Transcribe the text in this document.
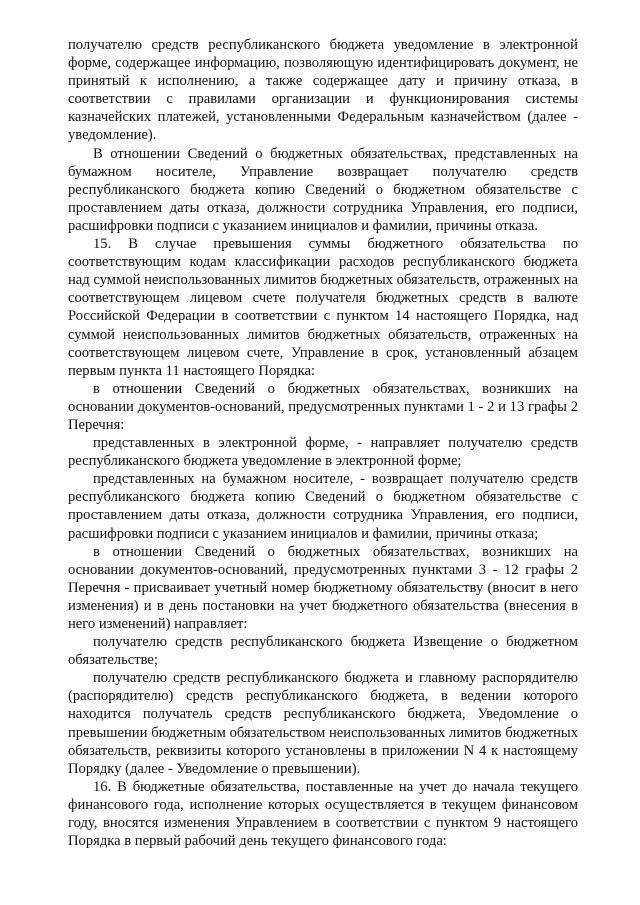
получателю средств республиканского бюджета уведомление в электронной форме, содержащее информацию, позволяющую идентифицировать документ, не принятый к исполнению, а также содержащее дату и причину отказа, в соответствии с правилами организации и функционирования системы казначейских платежей, установленными Федеральным казначейством (далее - уведомление).

В отношении Сведений о бюджетных обязательствах, представленных на бумажном носителе, Управление возвращает получателю средств республиканского бюджета копию Сведений о бюджетном обязательстве с проставлением даты отказа, должности сотрудника Управления, его подписи, расшифровки подписи с указанием инициалов и фамилии, причины отказа.

15. В случае превышения суммы бюджетного обязательства по соответствующим кодам классификации расходов республиканского бюджета над суммой неиспользованных лимитов бюджетных обязательств, отраженных на соответствующем лицевом счете получателя бюджетных средств в валюте Российской Федерации в соответствии с пунктом 14 настоящего Порядка, над суммой неиспользованных лимитов бюджетных обязательств, отраженных на соответствующем лицевом счете, Управление в срок, установленный абзацем первым пункта 11 настоящего Порядка:

в отношении Сведений о бюджетных обязательствах, возникших на основании документов-оснований, предусмотренных пунктами 1 - 2 и 13 графы 2 Перечня:

представленных в электронной форме, - направляет получателю средств республиканского бюджета уведомление в электронной форме;

представленных на бумажном носителе, - возвращает получателю средств республиканского бюджета копию Сведений о бюджетном обязательстве с проставлением даты отказа, должности сотрудника Управления, его подписи, расшифровки подписи с указанием инициалов и фамилии, причины отказа;

в отношении Сведений о бюджетных обязательствах, возникших на основании документов-оснований, предусмотренных пунктами 3 - 12 графы 2 Перечня - присваивает учетный номер бюджетному обязательству (вносит в него изменения) и в день постановки на учет бюджетного обязательства (внесения в него изменений) направляет:

получателю средств республиканского бюджета Извещение о бюджетном обязательстве;

получателю средств республиканского бюджета и главному распорядителю (распорядителю) средств республиканского бюджета, в ведении которого находится получатель средств республиканского бюджета, Уведомление о превышении бюджетным обязательством неиспользованных лимитов бюджетных обязательств, реквизиты которого установлены в приложении N 4 к настоящему Порядку (далее - Уведомление о превышении).

16. В бюджетные обязательства, поставленные на учет до начала текущего финансового года, исполнение которых осуществляется в текущем финансовом году, вносятся изменения Управлением в соответствии с пунктом 9 настоящего Порядка в первый рабочий день текущего финансового года:
